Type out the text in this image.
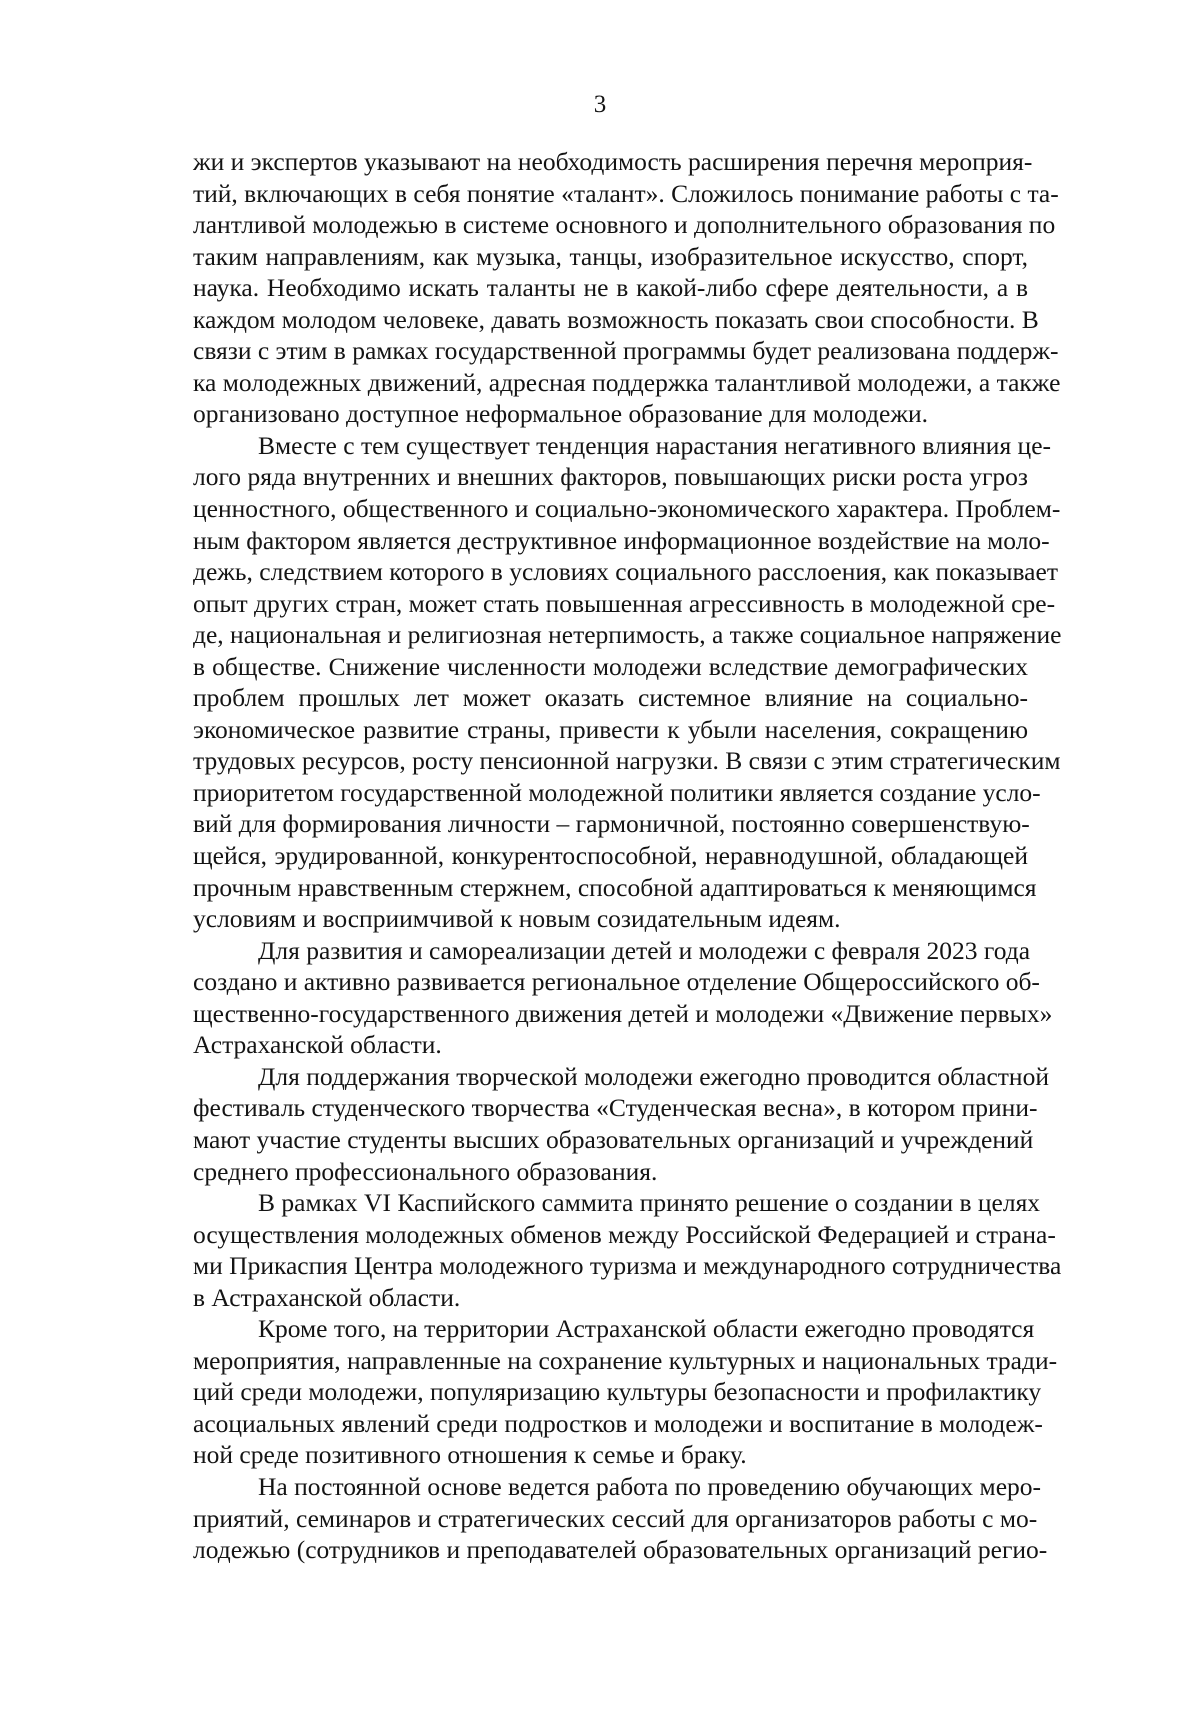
3
жи и экспертов указывают на необходимость расширения перечня мероприя-
тий, включающих в себя понятие «талант». Сложилось понимание работы с та-
лантливой молодежью в системе основного и дополнительного образования по
таким направлениям, как музыка, танцы, изобразительное искусство, спорт,
наука. Необходимо искать таланты не в какой-либо сфере деятельности, а в
каждом молодом человеке, давать возможность показать свои способности. В
связи с этим в рамках государственной программы будет реализована поддерж-
ка молодежных движений, адресная поддержка талантливой молодежи, а также
организовано доступное неформальное образование для молодежи.
Вместе с тем существует тенденция нарастания негативного влияния це-
лого ряда внутренних и внешних факторов, повышающих риски роста угроз
ценностного, общественного и социально-экономического характера. Проблем-
ным фактором является деструктивное информационное воздействие на моло-
дежь, следствием которого в условиях социального расслоения, как показывает
опыт других стран, может стать повышенная агрессивность в молодежной сре-
де, национальная и религиозная нетерпимость, а также социальное напряжение
в обществе. Снижение численности молодежи вследствие демографических
проблем прошлых лет может оказать системное влияние на социально-
экономическое развитие страны, привести к убыли населения, сокращению
трудовых ресурсов, росту пенсионной нагрузки. В связи с этим стратегическим
приоритетом государственной молодежной политики является создание усло-
вий для формирования личности – гармоничной, постоянно совершенствую-
щейся, эрудированной, конкурентоспособной, неравнодушной, обладающей
прочным нравственным стержнем, способной адаптироваться к меняющимся
условиям и восприимчивой к новым созидательным идеям.
Для развития и самореализации детей и молодежи с февраля 2023 года
создано и активно развивается региональное отделение Общероссийского об-
щественно-государственного движения детей и молодежи «Движение первых»
Астраханской области.
Для поддержания творческой молодежи ежегодно проводится областной
фестиваль студенческого творчества «Студенческая весна», в котором прини-
мают участие студенты высших образовательных организаций и учреждений
среднего профессионального образования.
В рамках VI Каспийского саммита принято решение о создании в целях
осуществления молодежных обменов между Российской Федерацией и страна-
ми Прикаспия Центра молодежного туризма и международного сотрудничества
в Астраханской области.
Кроме того, на территории Астраханской области ежегодно проводятся
мероприятия, направленные на сохранение культурных и национальных тради-
ций среди молодежи, популяризацию культуры безопасности и профилактику
асоциальных явлений среди подростков и молодежи и воспитание в молодеж-
ной среде позитивного отношения к семье и браку.
На постоянной основе ведется работа по проведению обучающих меро-
приятий, семинаров и стратегических сессий для организаторов работы с мо-
лодежью (сотрудников и преподавателей образовательных организаций регио-
